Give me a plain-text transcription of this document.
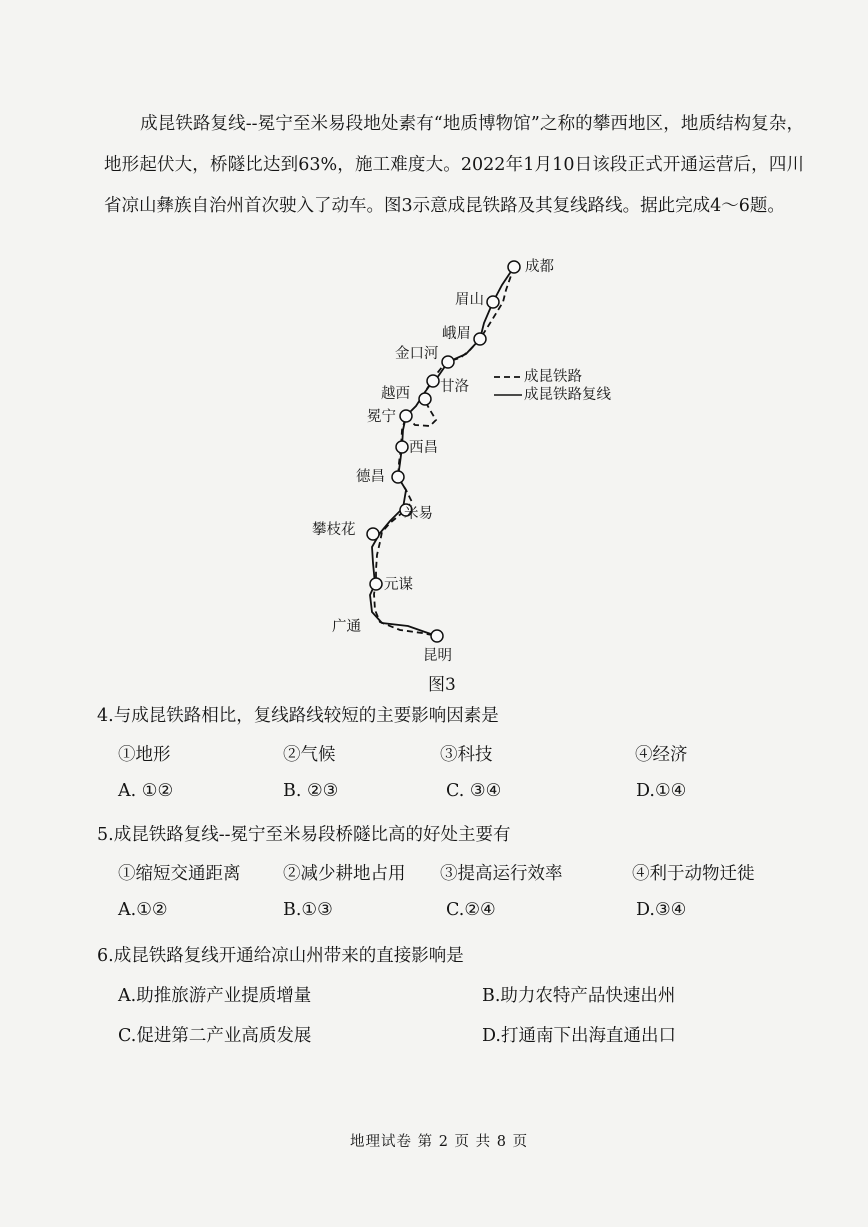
成昆铁路复线--冕宁至米易段地处素有“地质博物馆”之称的攀西地区，地质结构复杂，地形起伏大，桥隧比达到63%，施工难度大。2022年1月10日该段正式开通运营后，四川省凉山彝族自治州首次驶入了动车。图3示意成昆铁路及其复线路线。据此完成4～6题。

成都
眉山
峨眉
金口河
甘洛
越西
冕宁
西昌
德昌
米易
攀枝花
元谋
广通
昆明
成昆铁路
成昆铁路复线
图3
4.与成昆铁路相比，复线路线较短的主要影响因素是
①地形	②气候	③科技	④经济
A. ①②	B. ②③	C. ③④	D.①④
5.成昆铁路复线--冕宁至米易段桥隧比高的好处主要有
①缩短交通距离 ②减少耕地占用 ③提高运行效率	④利于动物迁徙
A.①②	B.①③	C.②④	D.③④
6.成昆铁路复线开通给凉山州带来的直接影响是
A.助推旅游产业提质增量	B.助力农特产品快速出州
C.促进第二产业高质发展	D.打通南下出海直通出口
地理试卷 第 2 页 共 8 页
